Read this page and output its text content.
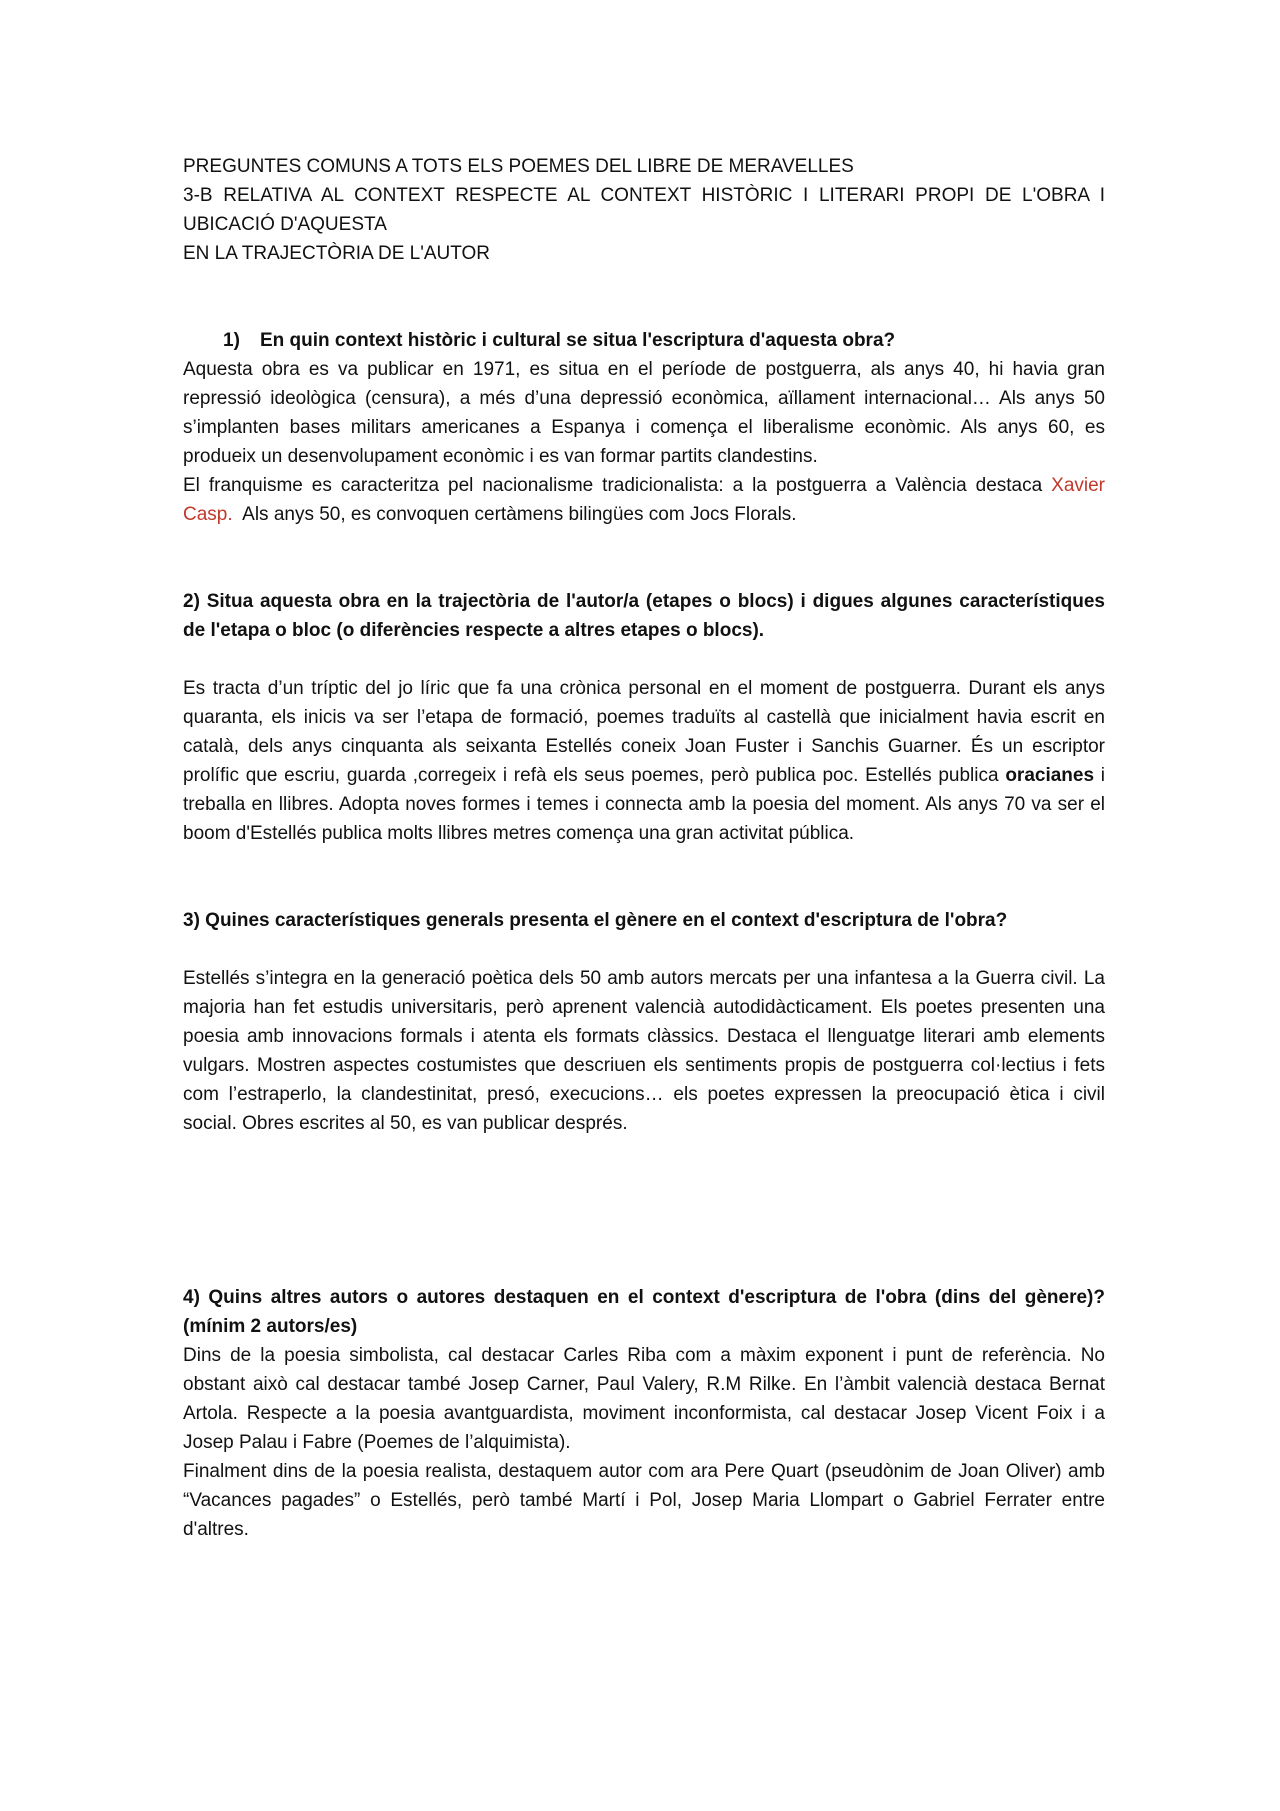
PREGUNTES COMUNS A TOTS ELS POEMES DEL LIBRE DE MERAVELLES
3-B RELATIVA AL CONTEXT RESPECTE AL CONTEXT HISTÒRIC I LITERARI PROPI DE L'OBRA I UBICACIÓ D'AQUESTA
EN LA TRAJECTÒRIA DE L'AUTOR

1) En quin context històric i cultural se situa l'escriptura d'aquesta obra?

Aquesta obra es va publicar en 1971, es situa en el període de postguerra, als anys 40, hi havia gran repressió ideològica (censura), a més d’una depressió econòmica, aïllament internacional… Als anys 50 s’implanten bases militars americanes a Espanya i comença el liberalisme econòmic. Als anys 60, es produeix un desenvolupament econòmic i es van formar partits clandestins.

El franquisme es caracteritza pel nacionalisme tradicionalista: a la postguerra a València destaca Xavier Casp.  Als anys 50, es convoquen certàmens bilingües com Jocs Florals.

2) Situa aquesta obra en la trajectòria de l'autor/a (etapes o blocs) i digues algunes característiques de l'etapa o bloc (o diferències respecte a altres etapes o blocs).

Es tracta d’un tríptic del jo líric que fa una crònica personal en el moment de postguerra. Durant els anys quaranta, els inicis va ser l’etapa de formació, poemes traduïts al castellà que inicialment havia escrit en català, dels anys cinquanta als seixanta Estellés coneix Joan Fuster i Sanchis Guarner. És un escriptor prolífic que escriu, guarda ,corregeix i refà els seus poemes, però publica poc. Estellés publica oracianes i treballa en llibres. Adopta noves formes i temes i connecta amb la poesia del moment. Als anys 70 va ser el boom d'Estellés publica molts llibres metres comença una gran activitat pública.

3) Quines característiques generals presenta el gènere en el context d'escriptura de l'obra?

Estellés s’integra en la generació poètica dels 50 amb autors mercats per una infantesa a la Guerra civil. La majoria han fet estudis universitaris, però aprenent valencià autodidàcticament. Els poetes presenten una poesia amb innovacions formals i atenta els formats clàssics. Destaca el llenguatge literari amb elements vulgars. Mostren aspectes costumistes que descriuen els sentiments propis de postguerra col·lectius i fets com l’estraperlo, la clandestinitat, presó, execucions… els poetes expressen la preocupació ètica i civil social. Obres escrites al 50, es van publicar després.

4) Quins altres autors o autores destaquen en el context d'escriptura de l'obra (dins del gènere)? (mínim 2 autors/es)

Dins de la poesia simbolista, cal destacar Carles Riba com a màxim exponent i punt de referència. No obstant això cal destacar també Josep Carner, Paul Valery, R.M Rilke. En l’àmbit valencià destaca Bernat Artola. Respecte a la poesia avantguardista, moviment inconformista, cal destacar Josep Vicent Foix i a Josep Palau i Fabre (Poemes de l’alquimista).

Finalment dins de la poesia realista, destaquem autor com ara Pere Quart (pseudònim de Joan Oliver) amb “Vacances pagades” o Estellés, però també Martí i Pol, Josep Maria Llompart o Gabriel Ferrater entre d'altres.
